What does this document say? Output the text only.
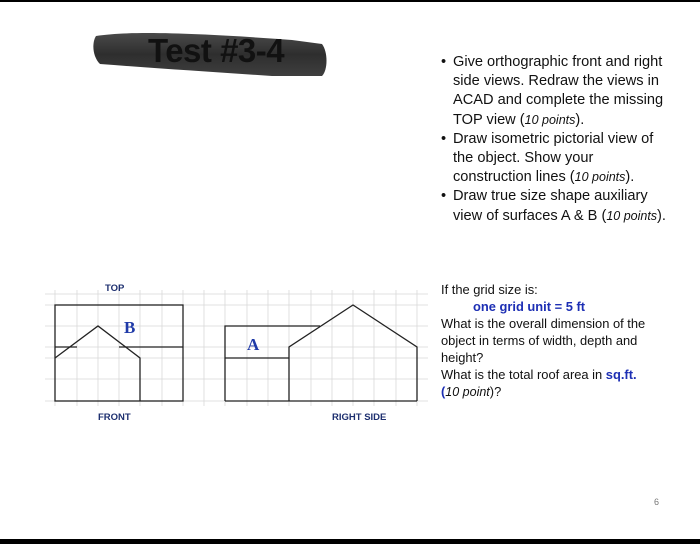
Test #3-4
TOP
FRONT	RIGHT SIDE
B
A
• Give orthographic front and right side views. Redraw the views in ACAD and complete the missing TOP view (10 points).
• Draw isometric pictorial view of the object. Show your construction lines (10 points).
• Draw true size shape auxiliary view of surfaces A & B (10 points).
If the grid size is:
one grid unit = 5 ft
What is the overall dimension of the object in terms of width, depth and height?
What is the total roof area in sq.ft.
(10 point)?
6
